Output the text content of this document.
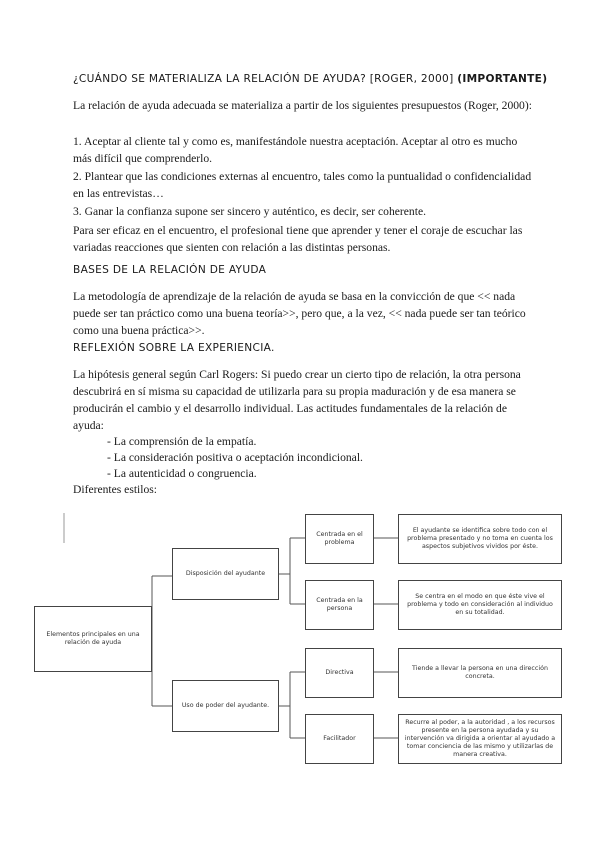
¿CUÁNDO SE MATERIALIZA LA RELACIÓN DE AYUDA? [ROGER, 2000] (IMPORTANTE)
La relación de ayuda adecuada se materializa a partir de los siguientes presupuestos (Roger, 2000):
1. Aceptar al cliente tal y como es, manifestándole nuestra aceptación. Aceptar al otro es mucho más difícil que comprenderlo.
2. Plantear que las condiciones externas al encuentro, tales como la puntualidad o confidencialidad en las entrevistas…
3. Ganar la confianza supone ser sincero y auténtico, es decir, ser coherente.
Para ser eficaz en el encuentro, el profesional tiene que aprender y tener el coraje de escuchar las variadas reacciones que sienten con relación a las distintas personas.
BASES DE LA RELACIÓN DE AYUDA
La metodología de aprendizaje de la relación de ayuda se basa en la convicción de que << nada puede ser tan práctico como una buena teoría>>, pero que, a la vez, << nada puede ser tan teórico como una buena práctica>>.
REFLEXIÓN SOBRE LA EXPERIENCIA.
La hipótesis general según Carl Rogers: Si puedo crear un cierto tipo de relación, la otra persona descubrirá en sí misma su capacidad de utilizarla para su propia maduración y de esa manera se producirán el cambio y el desarrollo individual. Las actitudes fundamentales de la relación de ayuda:
- La comprensión de la empatía.
- La consideración positiva o aceptación incondicional.
- La autenticidad o congruencia.
Diferentes estilos:
Elementos principales en una relación de ayuda
Disposición del ayudante
Uso de poder del ayudante.
Centrada en el problema
Centrada en la persona
Directiva
Facilitador
El ayudante se identifica sobre todo con el problema presentado y no toma en cuenta los aspectos subjetivos vividos por éste.
Se centra en el modo en que éste vive el problema y todo en consideración al individuo en su totalidad.
Tiende a llevar la persona en una dirección concreta.
Recurre al poder, a la autoridad , a los recursos presente en la persona ayudada y su intervención va dirigida a orientar al ayudado a tomar conciencia de las mismo y utilizarlas de manera creativa.
